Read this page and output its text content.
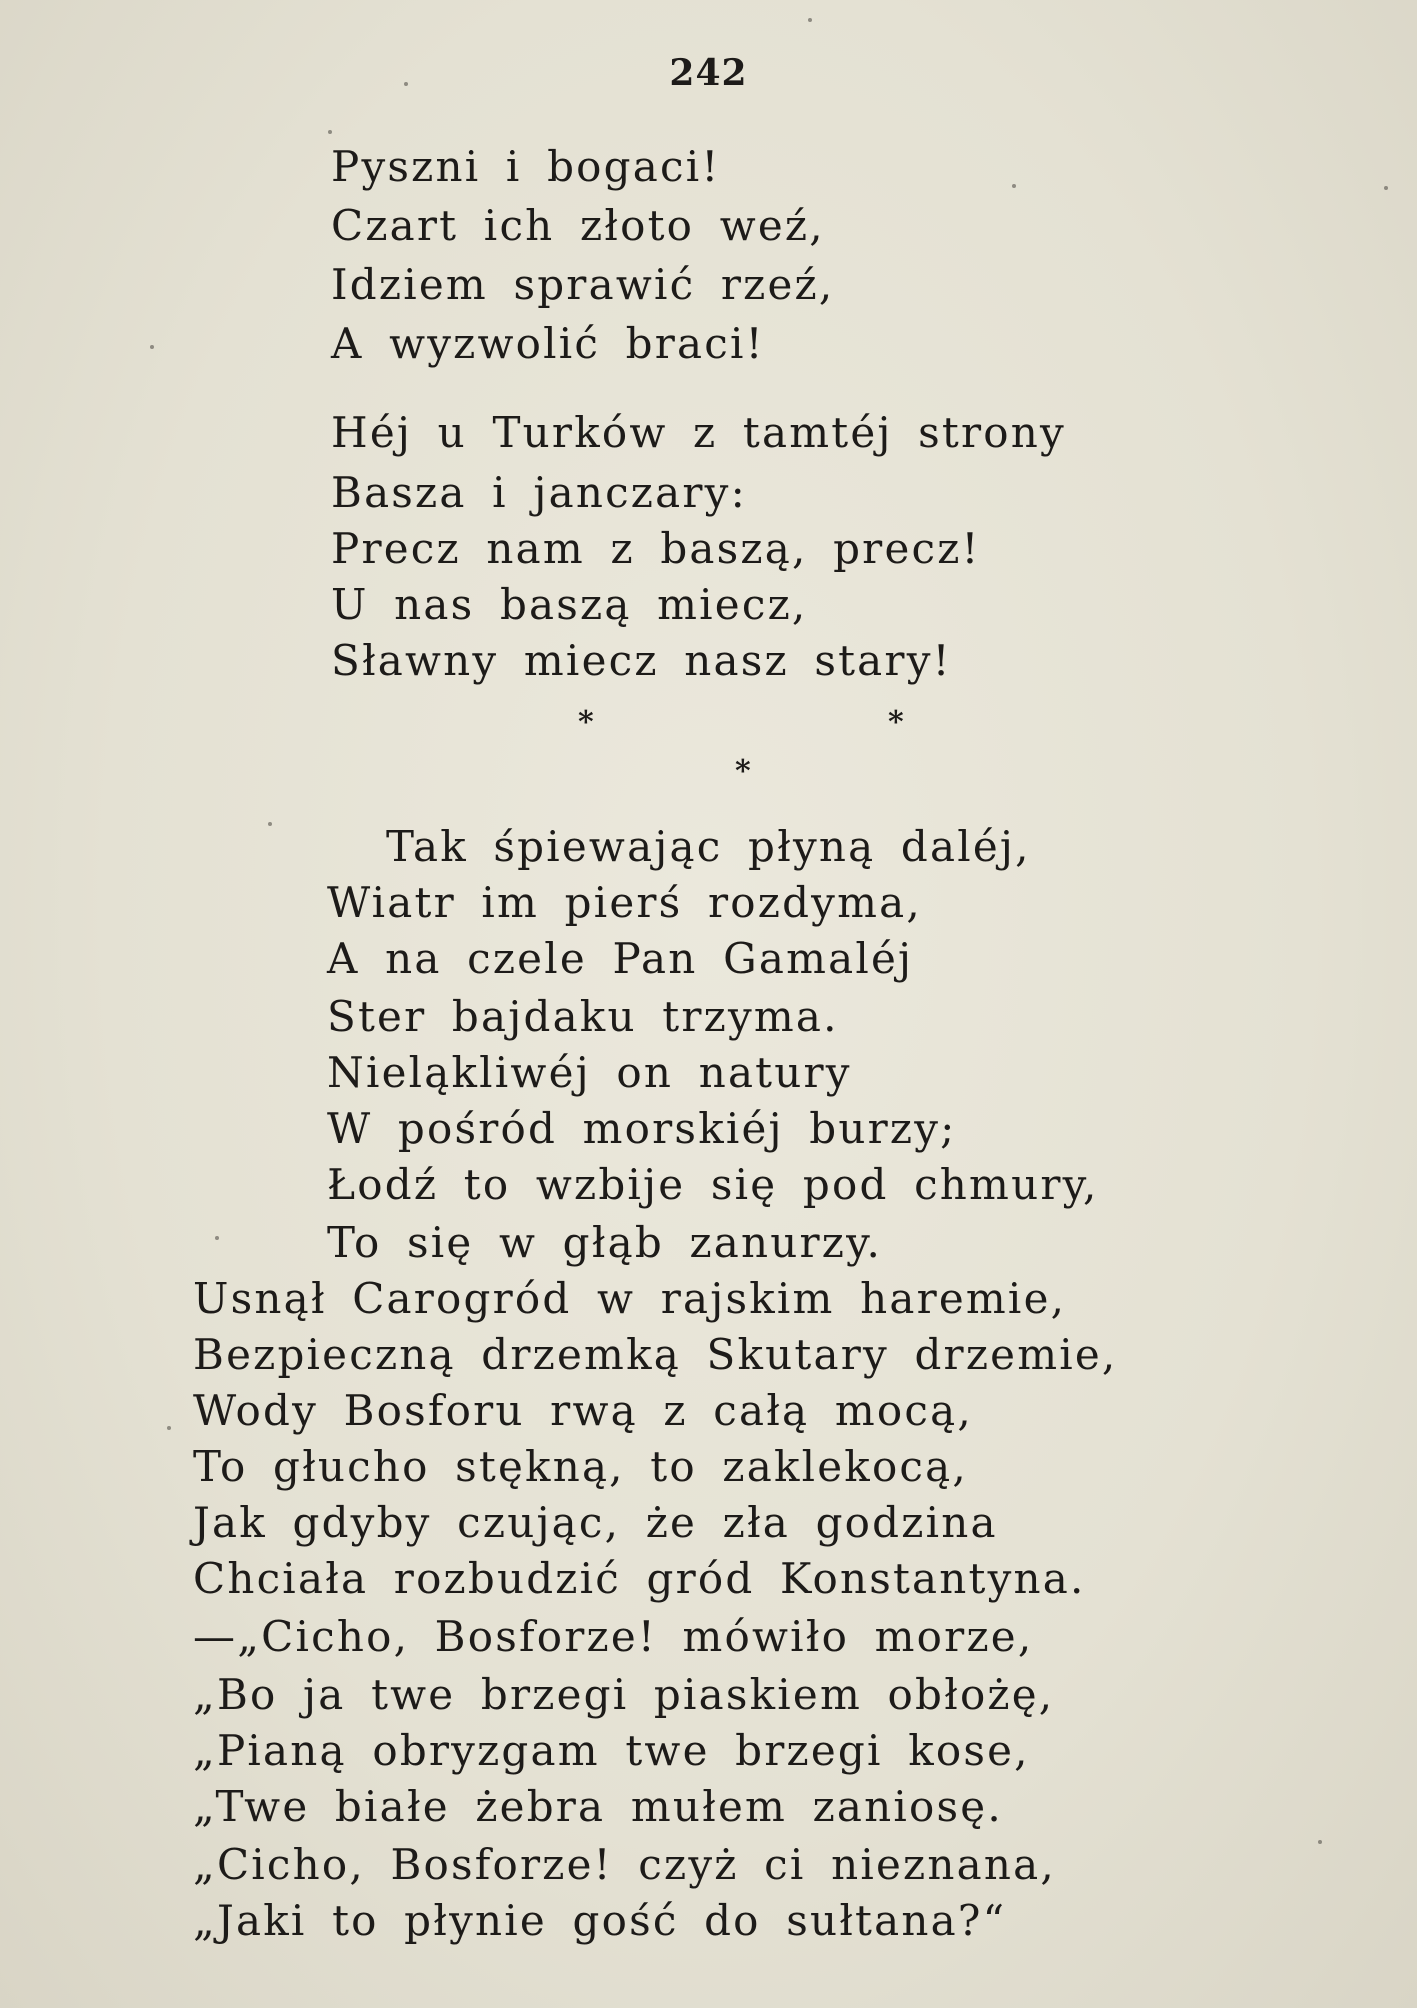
242
Pyszni i bogaci!
Czart ich złoto weź,
Idziem sprawić rzeź,
A wyzwolić braci!
Héj u Turków z tamtéj strony
Basza i janczary:
Precz nam z baszą, precz!
U nas baszą miecz,
Sławny miecz nasz stary!
*	*
*
Tak śpiewając płyną daléj,
Wiatr im pierś rozdyma,
A na czele Pan Gamaléj
Ster bajdaku trzyma.
Nieląkliwéj on natury
W pośród morskiéj burzy;
Łodź to wzbije się pod chmury,
To się w głąb zanurzy.
Usnął Carogród w rajskim haremie,
Bezpieczną drzemką Skutary drzemie,
Wody Bosforu rwą z całą mocą,
To głucho stękną, to zaklekocą,
Jak gdyby czując, że zła godzina
Chciała rozbudzić gród Konstantyna.
—„Cicho, Bosforze! mówiło morze,
„Bo ja twe brzegi piaskiem obłożę,
„Pianą obryzgam twe brzegi kose,
„Twe białe żebra mułem zaniosę.
„Cicho, Bosforze! czyż ci nieznana,
„Jaki to płynie gość do sułtana?“
